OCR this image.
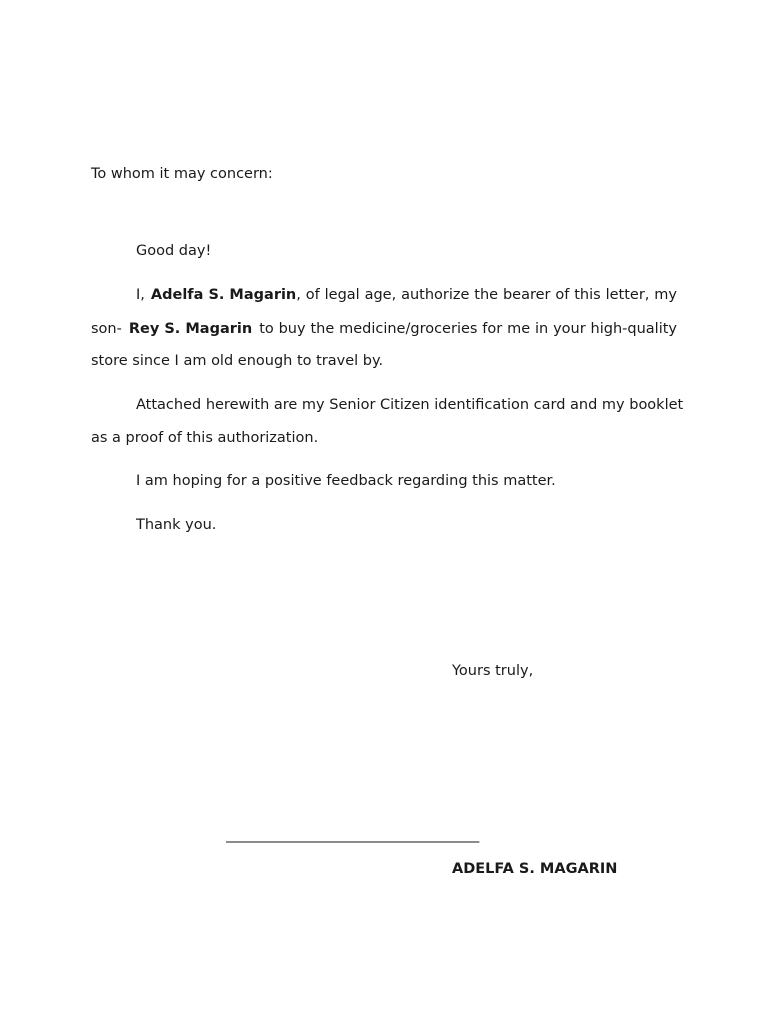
To whom it may concern:
Good day!
I, Adelfa S. Magarin , of legal age, authorize the bearer of this letter, my
son- Rey S. Magarin to buy the medicine/groceries for me in your high-quality
store since I am old enough to travel by.
Attached herewith are my Senior Citizen identification card and my booklet
as a proof of this authorization.
I am hoping for a positive feedback regarding this matter.
Thank you.
Yours truly,
______________________________________
ADELFA S. MAGARIN
